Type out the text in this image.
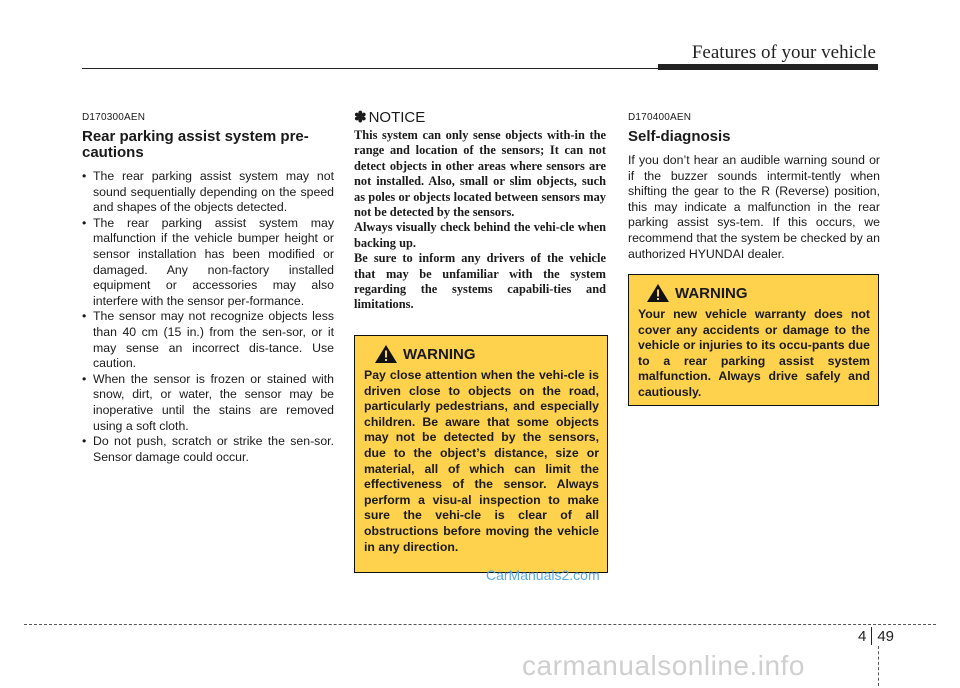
Features of your vehicle

D170300AEN

Rear parking assist system pre-cautions

• The rear parking assist system may not sound sequentially depending on the speed and shapes of the objects detected.
• The rear parking assist system may malfunction if the vehicle bumper height or sensor installation has been modified or damaged. Any non-factory installed equipment or accessories may also interfere with the sensor per-formance.
• The sensor may not recognize objects less than 40 cm (15 in.) from the sen-sor, or it may sense an incorrect dis-tance. Use caution.
• When the sensor is frozen or stained with snow, dirt, or water, the sensor may be inoperative until the stains are removed using a soft cloth.
• Do not push, scratch or strike the sen-sor. Sensor damage could occur.

✽ NOTICE

This system can only sense objects with-in the range and location of the sensors; It can not detect objects in other areas where sensors are not installed. Also, small or slim objects, such as poles or objects located between sensors may not be detected by the sensors.

Always visually check behind the vehi-cle when backing up.

Be sure to inform any drivers of the vehicle that may be unfamiliar with the system regarding the systems capabili-ties and limitations.

WARNING

Pay close attention when the vehi-cle is driven close to objects on the road, particularly pedestrians, and especially children. Be aware that some objects may not be detected by the sensors, due to the object’s distance, size or material, all of which can limit the effectiveness of the sensor. Always perform a visu-al inspection to make sure the vehi-cle is clear of all obstructions before moving the vehicle in any direction.

D170400AEN

Self-diagnosis

If you don’t hear an audible warning sound or if the buzzer sounds intermit-tently when shifting the gear to the R (Reverse) position, this may indicate a malfunction in the rear parking assist sys-tem. If this occurs, we recommend that the system be checked by an authorized HYUNDAI dealer.

WARNING

Your new vehicle warranty does not cover any accidents or damage to the vehicle or injuries to its occu-pants due to a rear parking assist system malfunction. Always drive safely and cautiously.

CarManuals2.com
4 49
carmanualsonline.info
